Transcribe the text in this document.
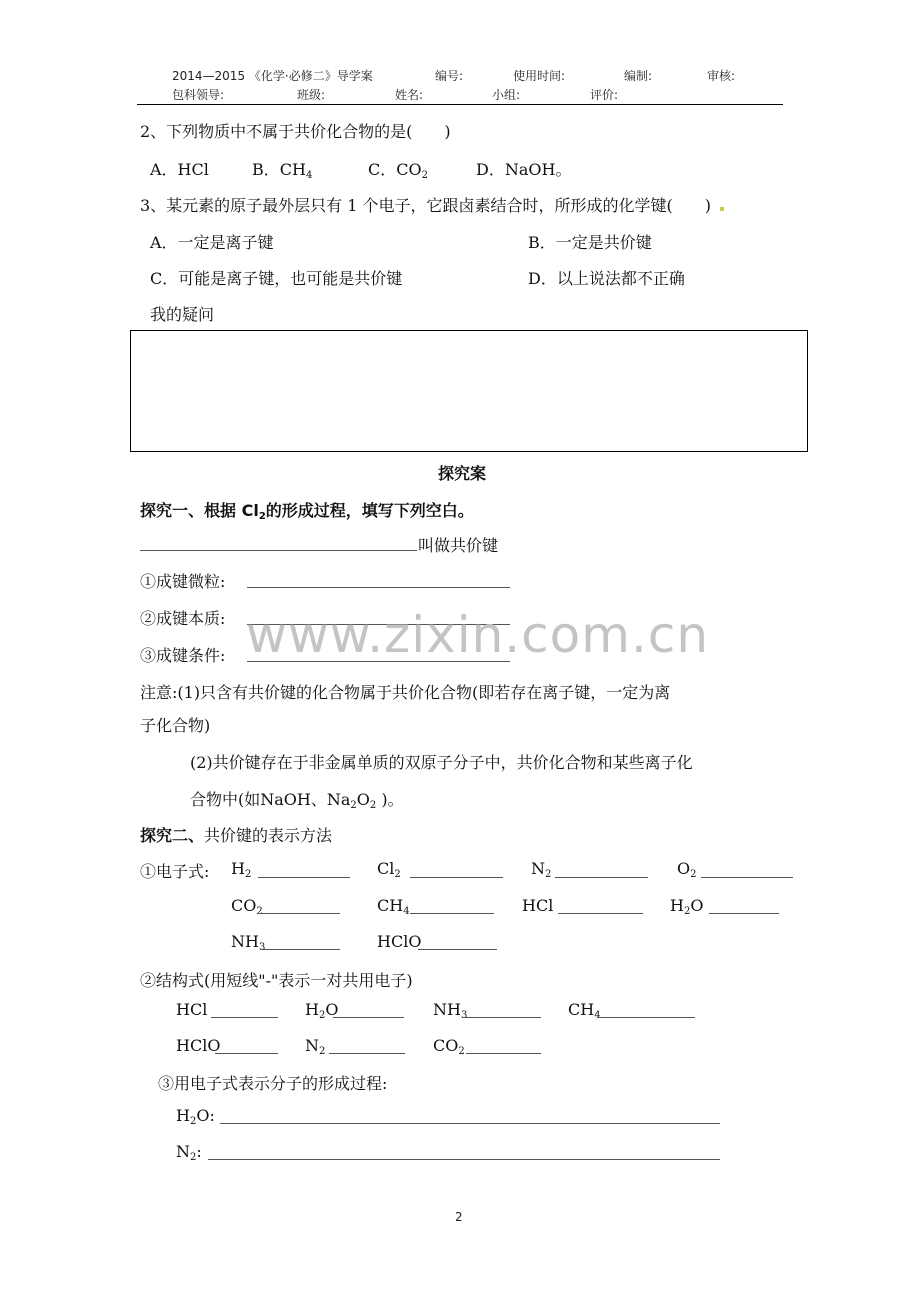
2014—2015 《化学·必修二》导学案	编号:	使用时间:	编制:	审核:
包科领导:	班级:	姓名:	小组:	评价:
2、下列物质中不属于共价化合物的是(　　)
A．HCl	B．$CH_4$	C．$CO_2$	D．NaOH。
3、某元素的原子最外层只有 1 个电子，它跟卤素结合时，所形成的化学键(　　)
A．一定是离子键	B．一定是共价键
C．可能是离子键，也可能是共价键	D．以上说法都不正确
我的疑问
探究案
探究一、根据 $Cl_2$的形成过程，填写下列空白。
叫做共价键
①成键微粒:
②成键本质:
③成键条件: www.zixin.com.cn
注意:(1)只含有共价键的化合物属于共价化合物(即若存在离子键，一定为离
子化合物)
(2)共价键存在于非金属单质的双原子分子中，共价化合物和某些离子化
合物中(如NaOH、$Na_2O_2$ )。
探究二、共价键的表示方法
①电子式: $H_2$	$Cl_2$	$N_2$	$O_2$
$CO_2$	$CH_4$	HCl	$H_2O$
$NH_3$	HClO
②结构式(用短线"-"表示一对共用电子)
HCl	$H_2O$	$NH_3$	$CH_4$
HClO	$N_2$	$CO_2$
③用电子式表示分子的形成过程:
$H_2O$:
$N_2$:
2
